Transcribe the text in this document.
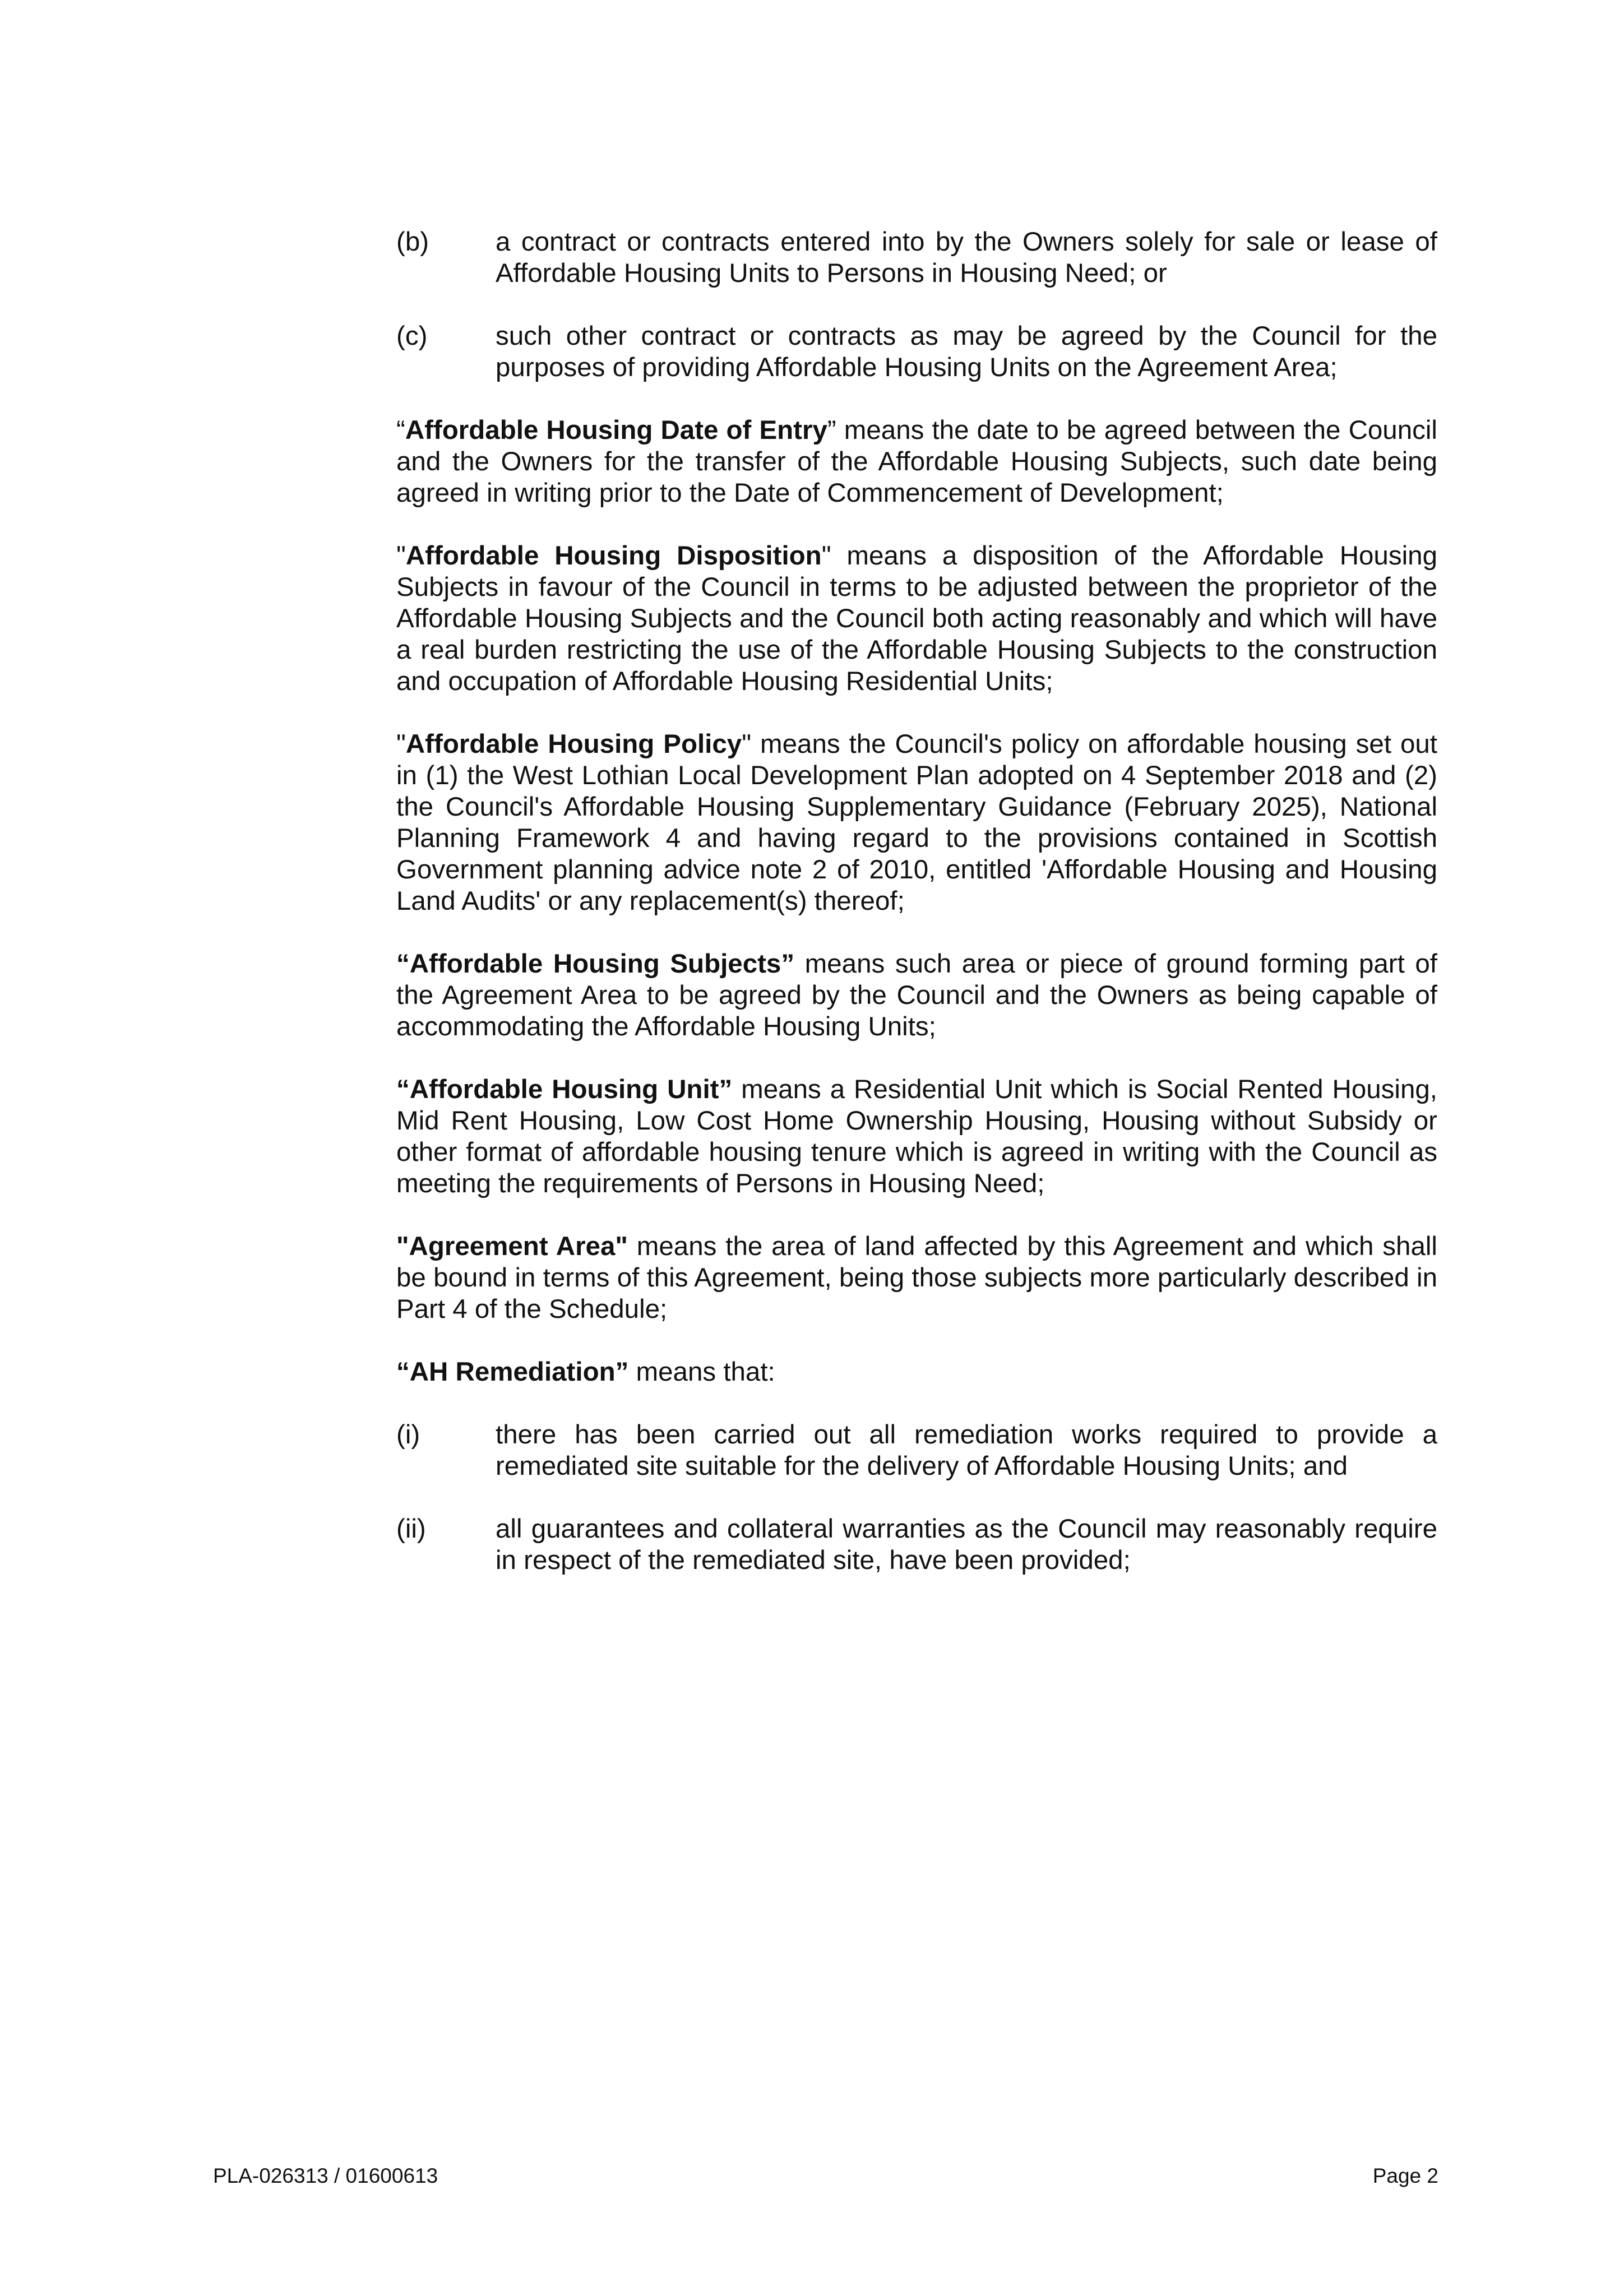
(b)	a contract or contracts entered into by the Owners solely for sale or lease of Affordable Housing Units to Persons in Housing Need; or
(c)	such other contract or contracts as may be agreed by the Council for the purposes of providing Affordable Housing Units on the Agreement Area;

“Affordable Housing Date of Entry” means the date to be agreed between the Council and the Owners for the transfer of the Affordable Housing Subjects, such date being agreed in writing prior to the Date of Commencement of Development;

"Affordable Housing Disposition" means a disposition of the Affordable Housing Subjects in favour of the Council in terms to be adjusted between the proprietor of the Affordable Housing Subjects and the Council both acting reasonably and which will have a real burden restricting the use of the Affordable Housing Subjects to the construction and occupation of Affordable Housing Residential Units;

"Affordable Housing Policy" means the Council's policy on affordable housing set out in (1) the West Lothian Local Development Plan adopted on 4 September 2018 and (2) the Council's Affordable Housing Supplementary Guidance (February 2025), National Planning Framework 4 and having regard to the provisions contained in Scottish Government planning advice note 2 of 2010, entitled 'Affordable Housing and Housing Land Audits' or any replacement(s) thereof;

“Affordable Housing Subjects” means such area or piece of ground forming part of the Agreement Area to be agreed by the Council and the Owners as being capable of accommodating the Affordable Housing Units;

“Affordable Housing Unit” means a Residential Unit which is Social Rented Housing, Mid Rent Housing, Low Cost Home Ownership Housing, Housing without Subsidy or other format of affordable housing tenure which is agreed in writing with the Council as meeting the requirements of Persons in Housing Need;

"Agreement Area" means the area of land affected by this Agreement and which shall be bound in terms of this Agreement, being those subjects more particularly described in Part 4 of the Schedule;

“AH Remediation” means that:

(i)	there has been carried out all remediation works required to provide a remediated site suitable for the delivery of Affordable Housing Units; and
(ii)	all guarantees and collateral warranties as the Council may reasonably require in respect of the remediated site, have been provided;
PLA-026313 / 01600613	Page 2
